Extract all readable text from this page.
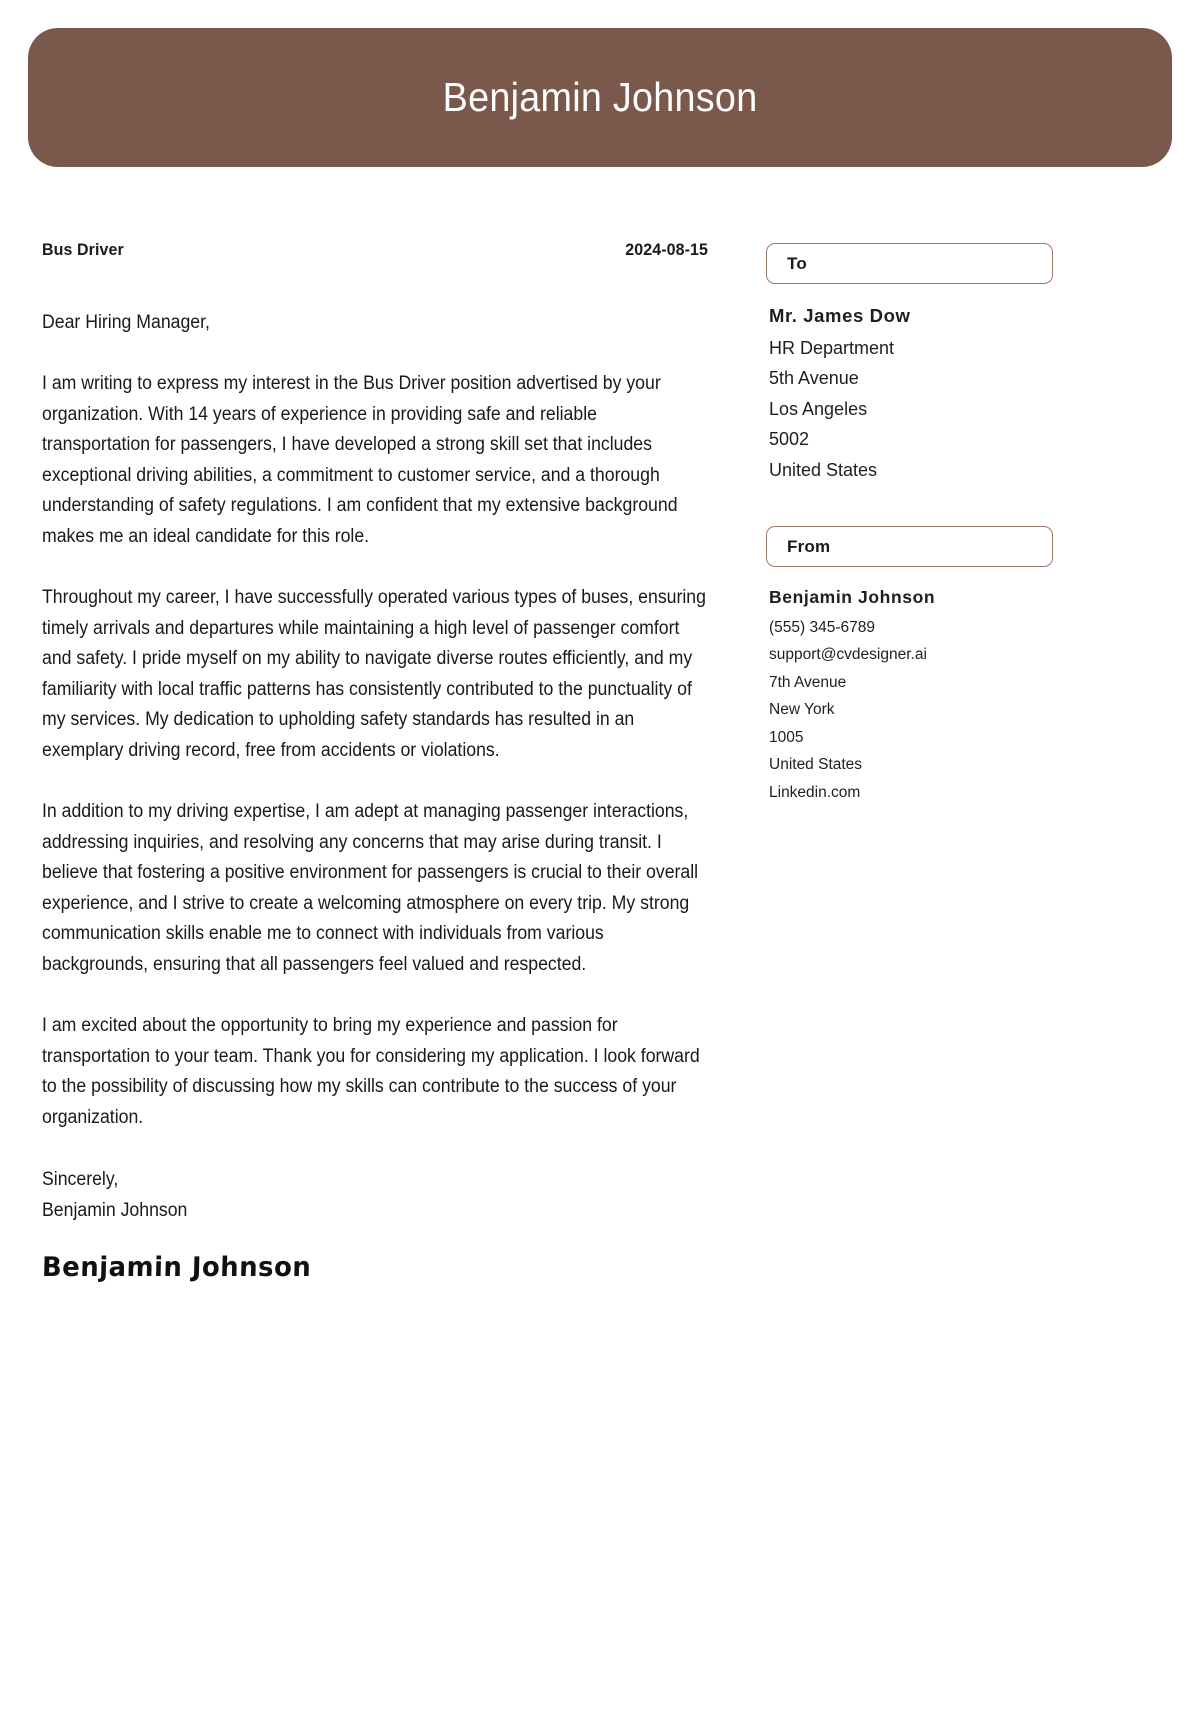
Benjamin Johnson
Bus Driver	2024-08-15
Dear Hiring Manager,

I am writing to express my interest in the Bus Driver position advertised by your organization. With 14 years of experience in providing safe and reliable transportation for passengers, I have developed a strong skill set that includes exceptional driving abilities, a commitment to customer service, and a thorough understanding of safety regulations. I am confident that my extensive background makes me an ideal candidate for this role.

Throughout my career, I have successfully operated various types of buses, ensuring timely arrivals and departures while maintaining a high level of passenger comfort and safety. I pride myself on my ability to navigate diverse routes efficiently, and my familiarity with local traffic patterns has consistently contributed to the punctuality of my services. My dedication to upholding safety standards has resulted in an exemplary driving record, free from accidents or violations.

In addition to my driving expertise, I am adept at managing passenger interactions, addressing inquiries, and resolving any concerns that may arise during transit. I believe that fostering a positive environment for passengers is crucial to their overall experience, and I strive to create a welcoming atmosphere on every trip. My strong communication skills enable me to connect with individuals from various backgrounds, ensuring that all passengers feel valued and respected.

I am excited about the opportunity to bring my experience and passion for transportation to your team. Thank you for considering my application. I look forward to the possibility of discussing how my skills can contribute to the success of your organization.

Sincerely,
Benjamin Johnson
Benjamin Johnson
To
Mr. James Dow
HR Department
5th Avenue
Los Angeles
5002
United States
From
Benjamin Johnson
(555) 345-6789
support@cvdesigner.ai
7th Avenue
New York
1005
United States
Linkedin.com
